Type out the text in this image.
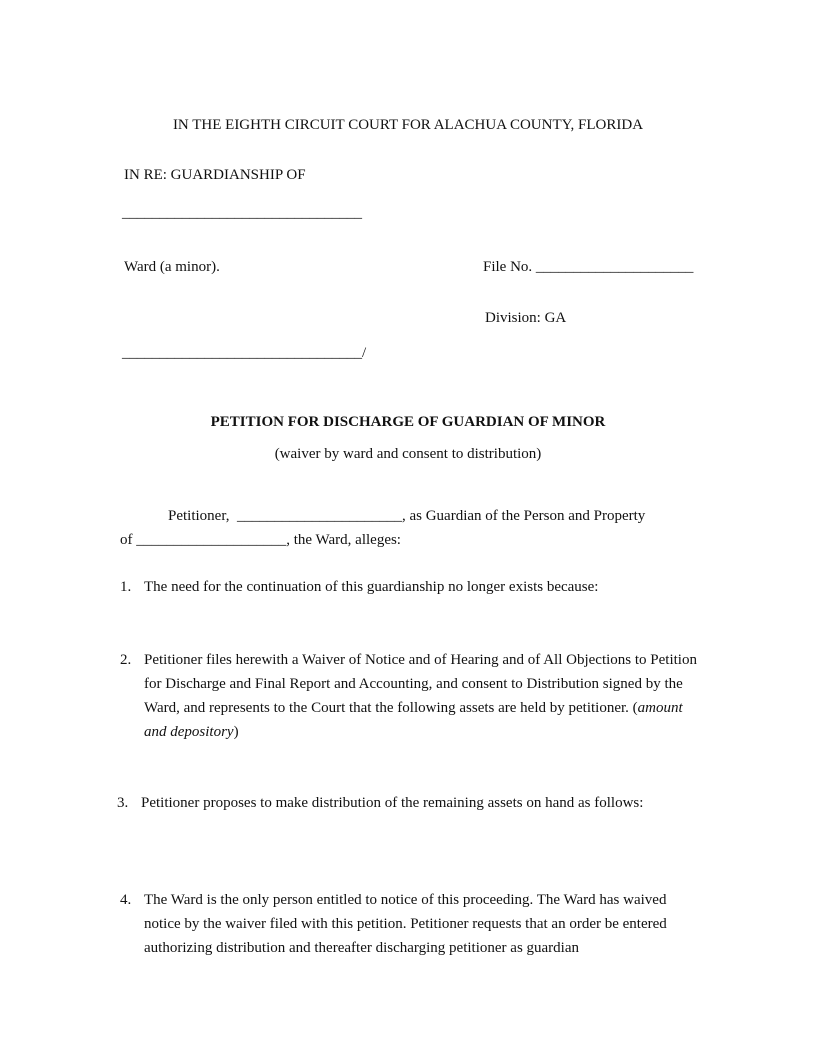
IN THE EIGHTH CIRCUIT COURT FOR ALACHUA COUNTY, FLORIDA
IN RE: GUARDIANSHIP OF
________________________________
Ward (a minor).	File No. _____________________
Division: GA
________________________________/
PETITION FOR DISCHARGE OF GUARDIAN OF MINOR
(waiver by ward and consent to distribution)
Petitioner, ______________________, as Guardian of the Person and Property
of ____________________, the Ward, alleges:
1. The need for the continuation of this guardianship no longer exists because:
2. Petitioner files herewith a Waiver of Notice and of Hearing and of All Objections to Petition for Discharge and Final Report and Accounting, and consent to Distribution signed by the Ward, and represents to the Court that the following assets are held by petitioner. (amount and depository)
3. Petitioner proposes to make distribution of the remaining assets on hand as follows:
4. The Ward is the only person entitled to notice of this proceeding. The Ward has waived notice by the waiver filed with this petition. Petitioner requests that an order be entered authorizing distribution and thereafter discharging petitioner as guardian
